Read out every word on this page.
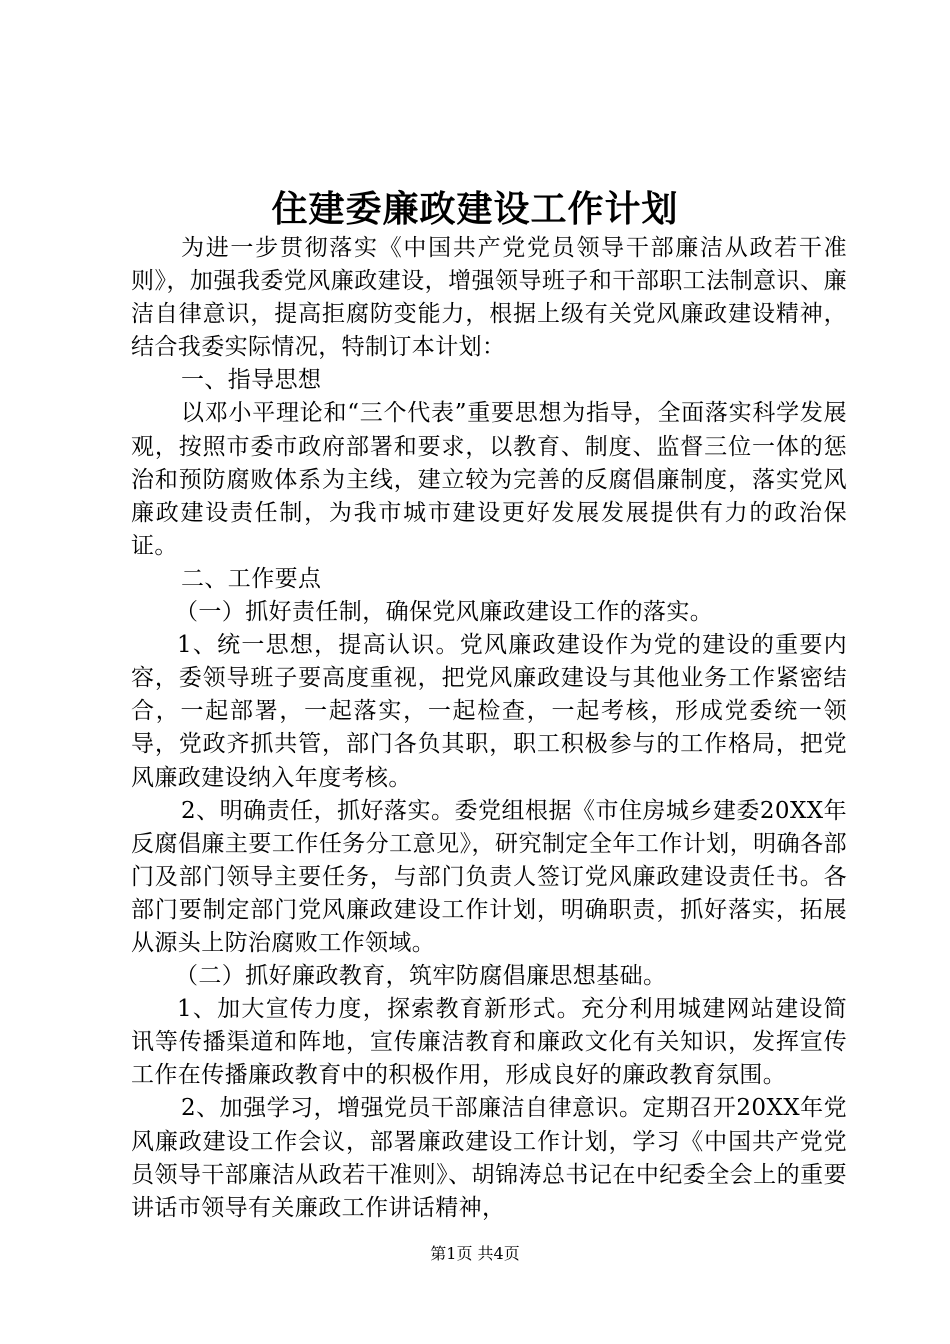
住建委廉政建设工作计划

为进一步贯彻落实《中国共产党党员领导干部廉洁从政若干准则》，加强我委党风廉政建设，增强领导班子和干部职工法制意识、廉洁自律意识，提高拒腐防变能力，根据上级有关党风廉政建设精神，结合我委实际情况，特制订本计划：

一、指导思想

以邓小平理论和“三个代表”重要思想为指导，全面落实科学发展观，按照市委市政府部署和要求，以教育、制度、监督三位一体的惩治和预防腐败体系为主线，建立较为完善的反腐倡廉制度，落实党风廉政建设责任制，为我市城市建设更好发展发展提供有力的政治保证。

二、工作要点

（一）抓好责任制，确保党风廉政建设工作的落实。

1、统一思想，提高认识。党风廉政建设作为党的建设的重要内容，委领导班子要高度重视，把党风廉政建设与其他业务工作紧密结合，一起部署，一起落实，一起检查，一起考核，形成党委统一领导，党政齐抓共管，部门各负其职，职工积极参与的工作格局，把党风廉政建设纳入年度考核。

2、明确责任，抓好落实。委党组根据《市住房城乡建委20XX年反腐倡廉主要工作任务分工意见》，研究制定全年工作计划，明确各部门及部门领导主要任务，与部门负责人签订党风廉政建设责任书。各部门要制定部门党风廉政建设工作计划，明确职责，抓好落实，拓展从源头上防治腐败工作领域。

（二）抓好廉政教育，筑牢防腐倡廉思想基础。

1、加大宣传力度，探索教育新形式。充分利用城建网站建设简讯等传播渠道和阵地，宣传廉洁教育和廉政文化有关知识，发挥宣传工作在传播廉政教育中的积极作用，形成良好的廉政教育氛围。

2、加强学习，增强党员干部廉洁自律意识。定期召开20XX年党风廉政建设工作会议，部署廉政建设工作计划，学习《中国共产党党员领导干部廉洁从政若干准则》、胡锦涛总书记在中纪委全会上的重要讲话市领导有关廉政工作讲话精神，

第1页 共4页
